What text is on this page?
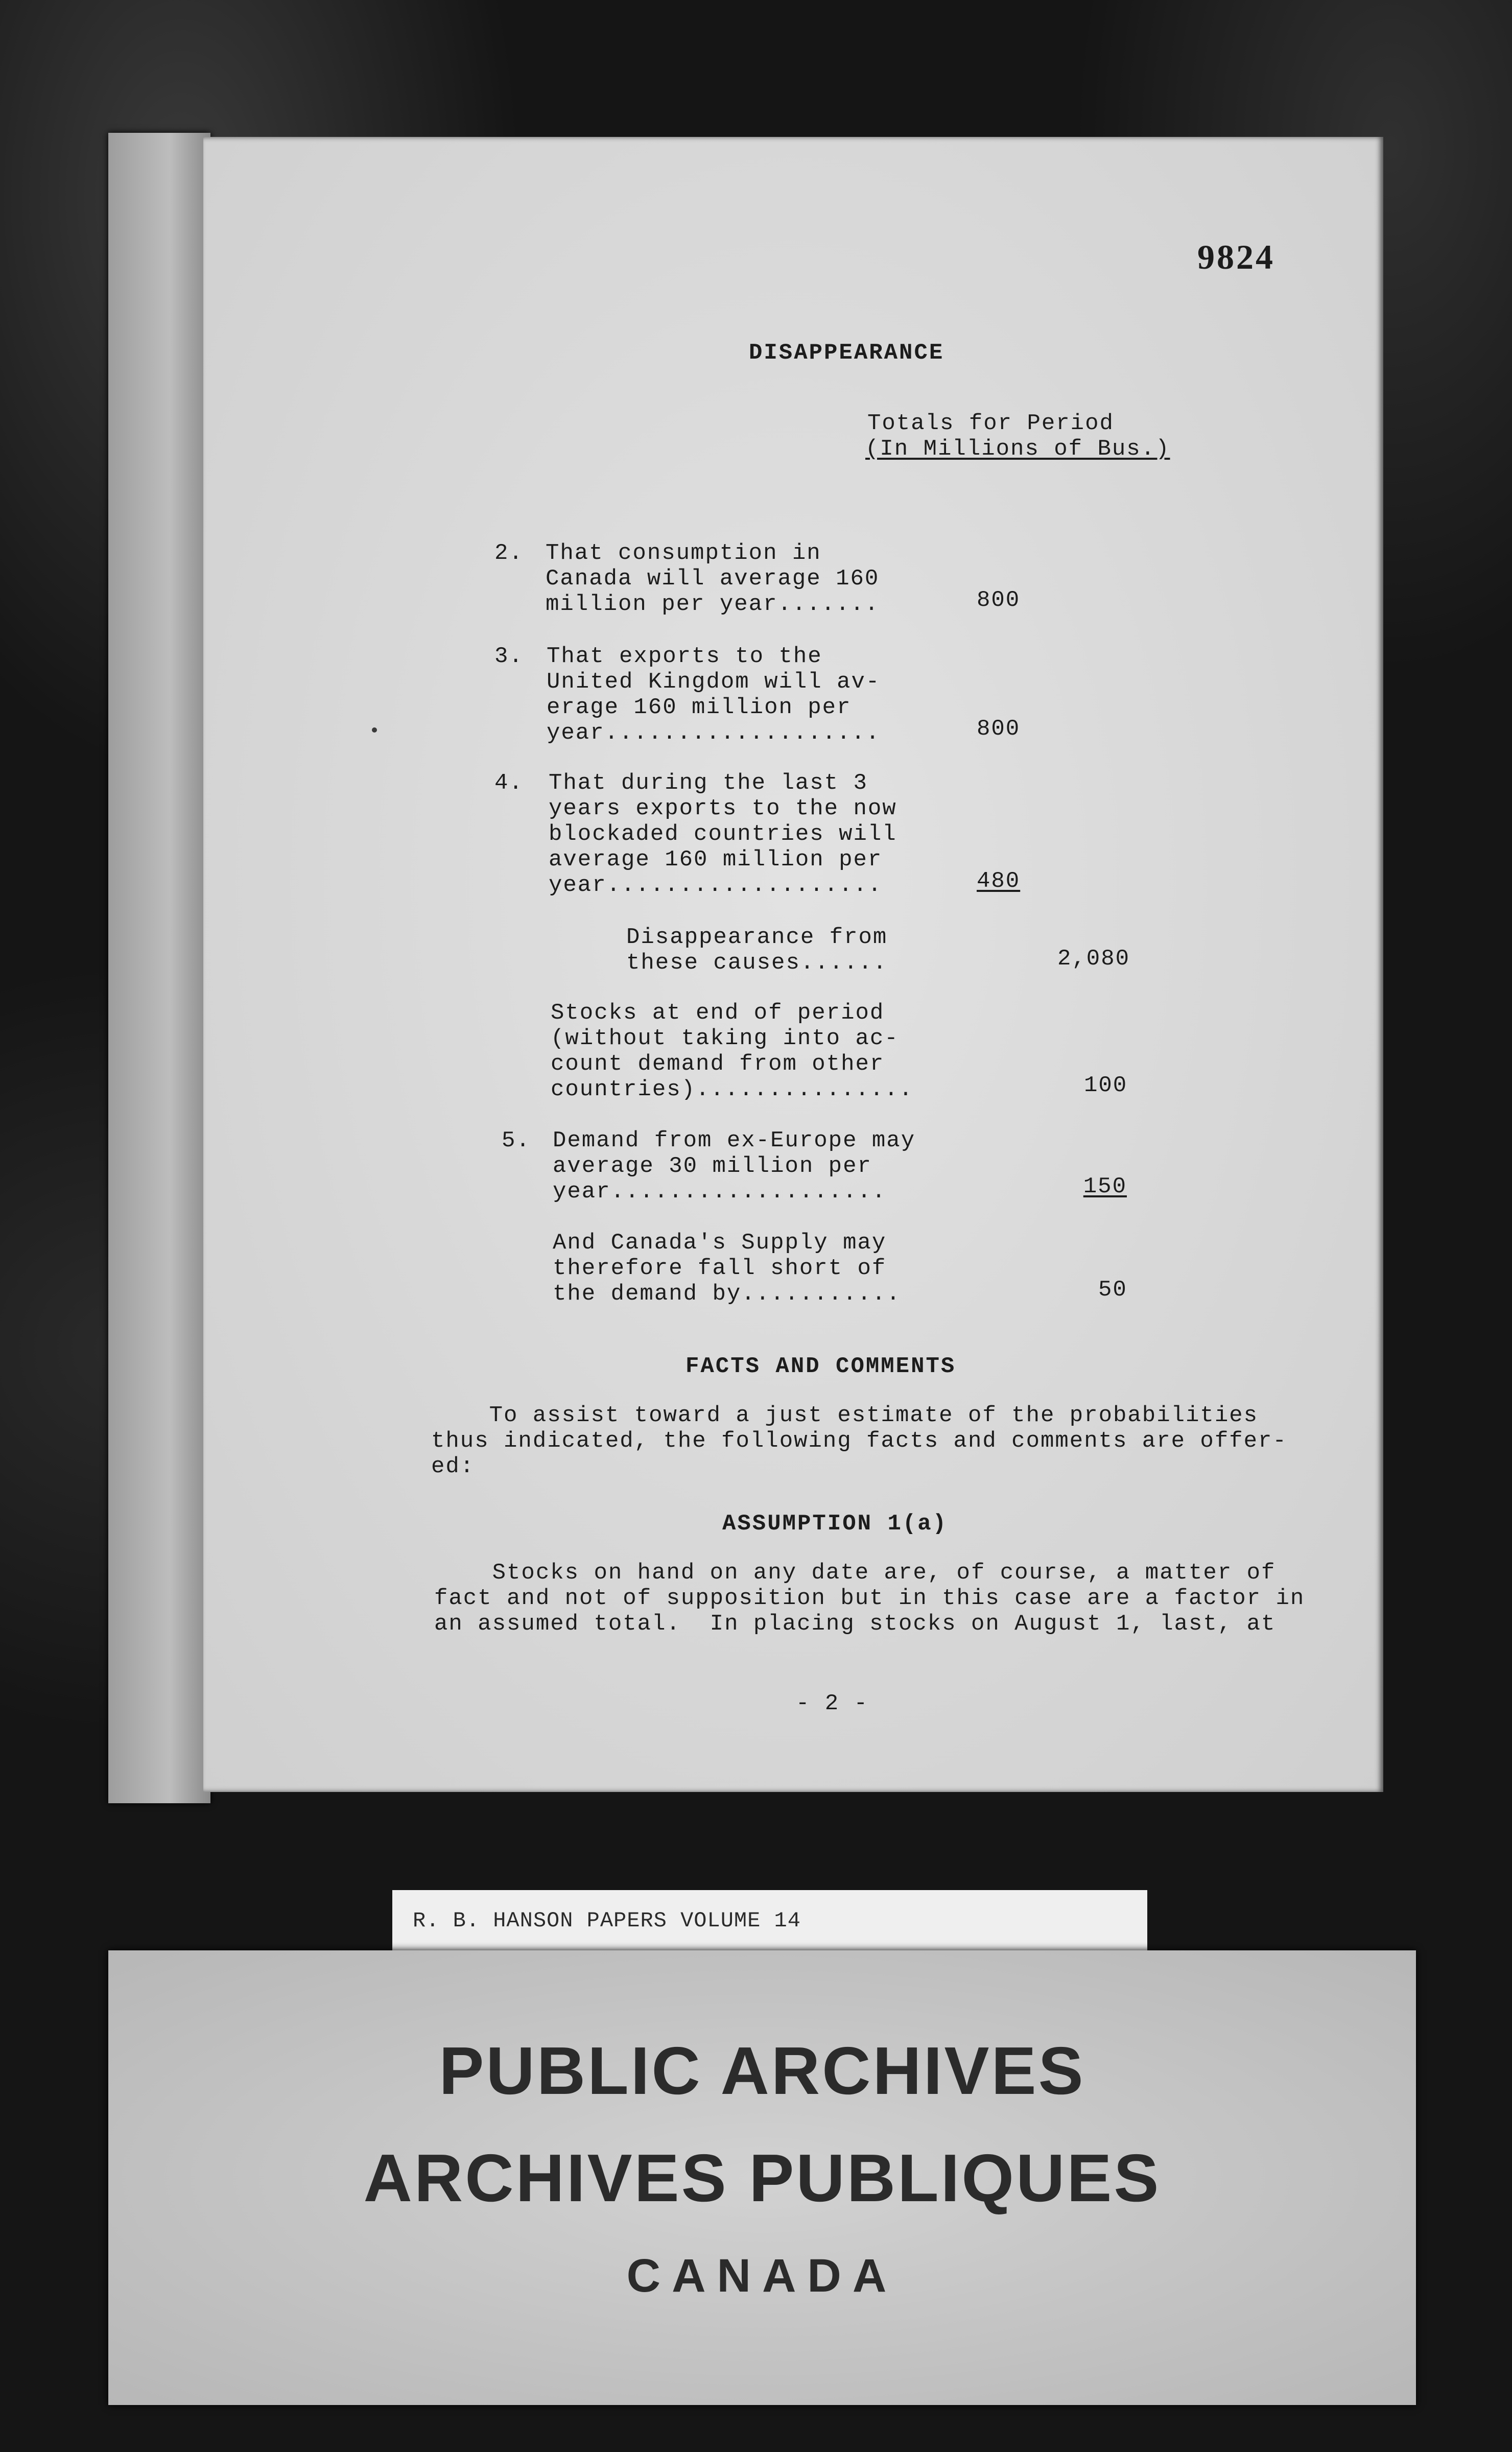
9824
DISAPPEARANCE
Totals for Period
(In Millions of Bus.)
2. That consumption in
Canada will average 160
million per year.......	800
3. That exports to the
United Kingdom will av-
erage 160 million per
year...................	800
4. That during the last 3
years exports to the now
blockaded countries will
average 160 million per
year...................	480
Disappearance from
these causes......	2,080
Stocks at end of period
(without taking into ac-
count demand from other
countries)...............	100
5. Demand from ex-Europe may
average 30 million per
year...................	150
And Canada's Supply may
therefore fall short of
the demand by...........	50
FACTS AND COMMENTS
To assist toward a just estimate of the probabilities
thus indicated, the following facts and comments are offer-
ed:
ASSUMPTION 1(a)
Stocks on hand on any date are, of course, a matter of
fact and not of supposition but in this case are a factor in
an assumed total.  In placing stocks on August 1, last, at
- 2 -
R. B. HANSON PAPERS VOLUME 14
PUBLIC ARCHIVES
ARCHIVES PUBLIQUES
CANADA
